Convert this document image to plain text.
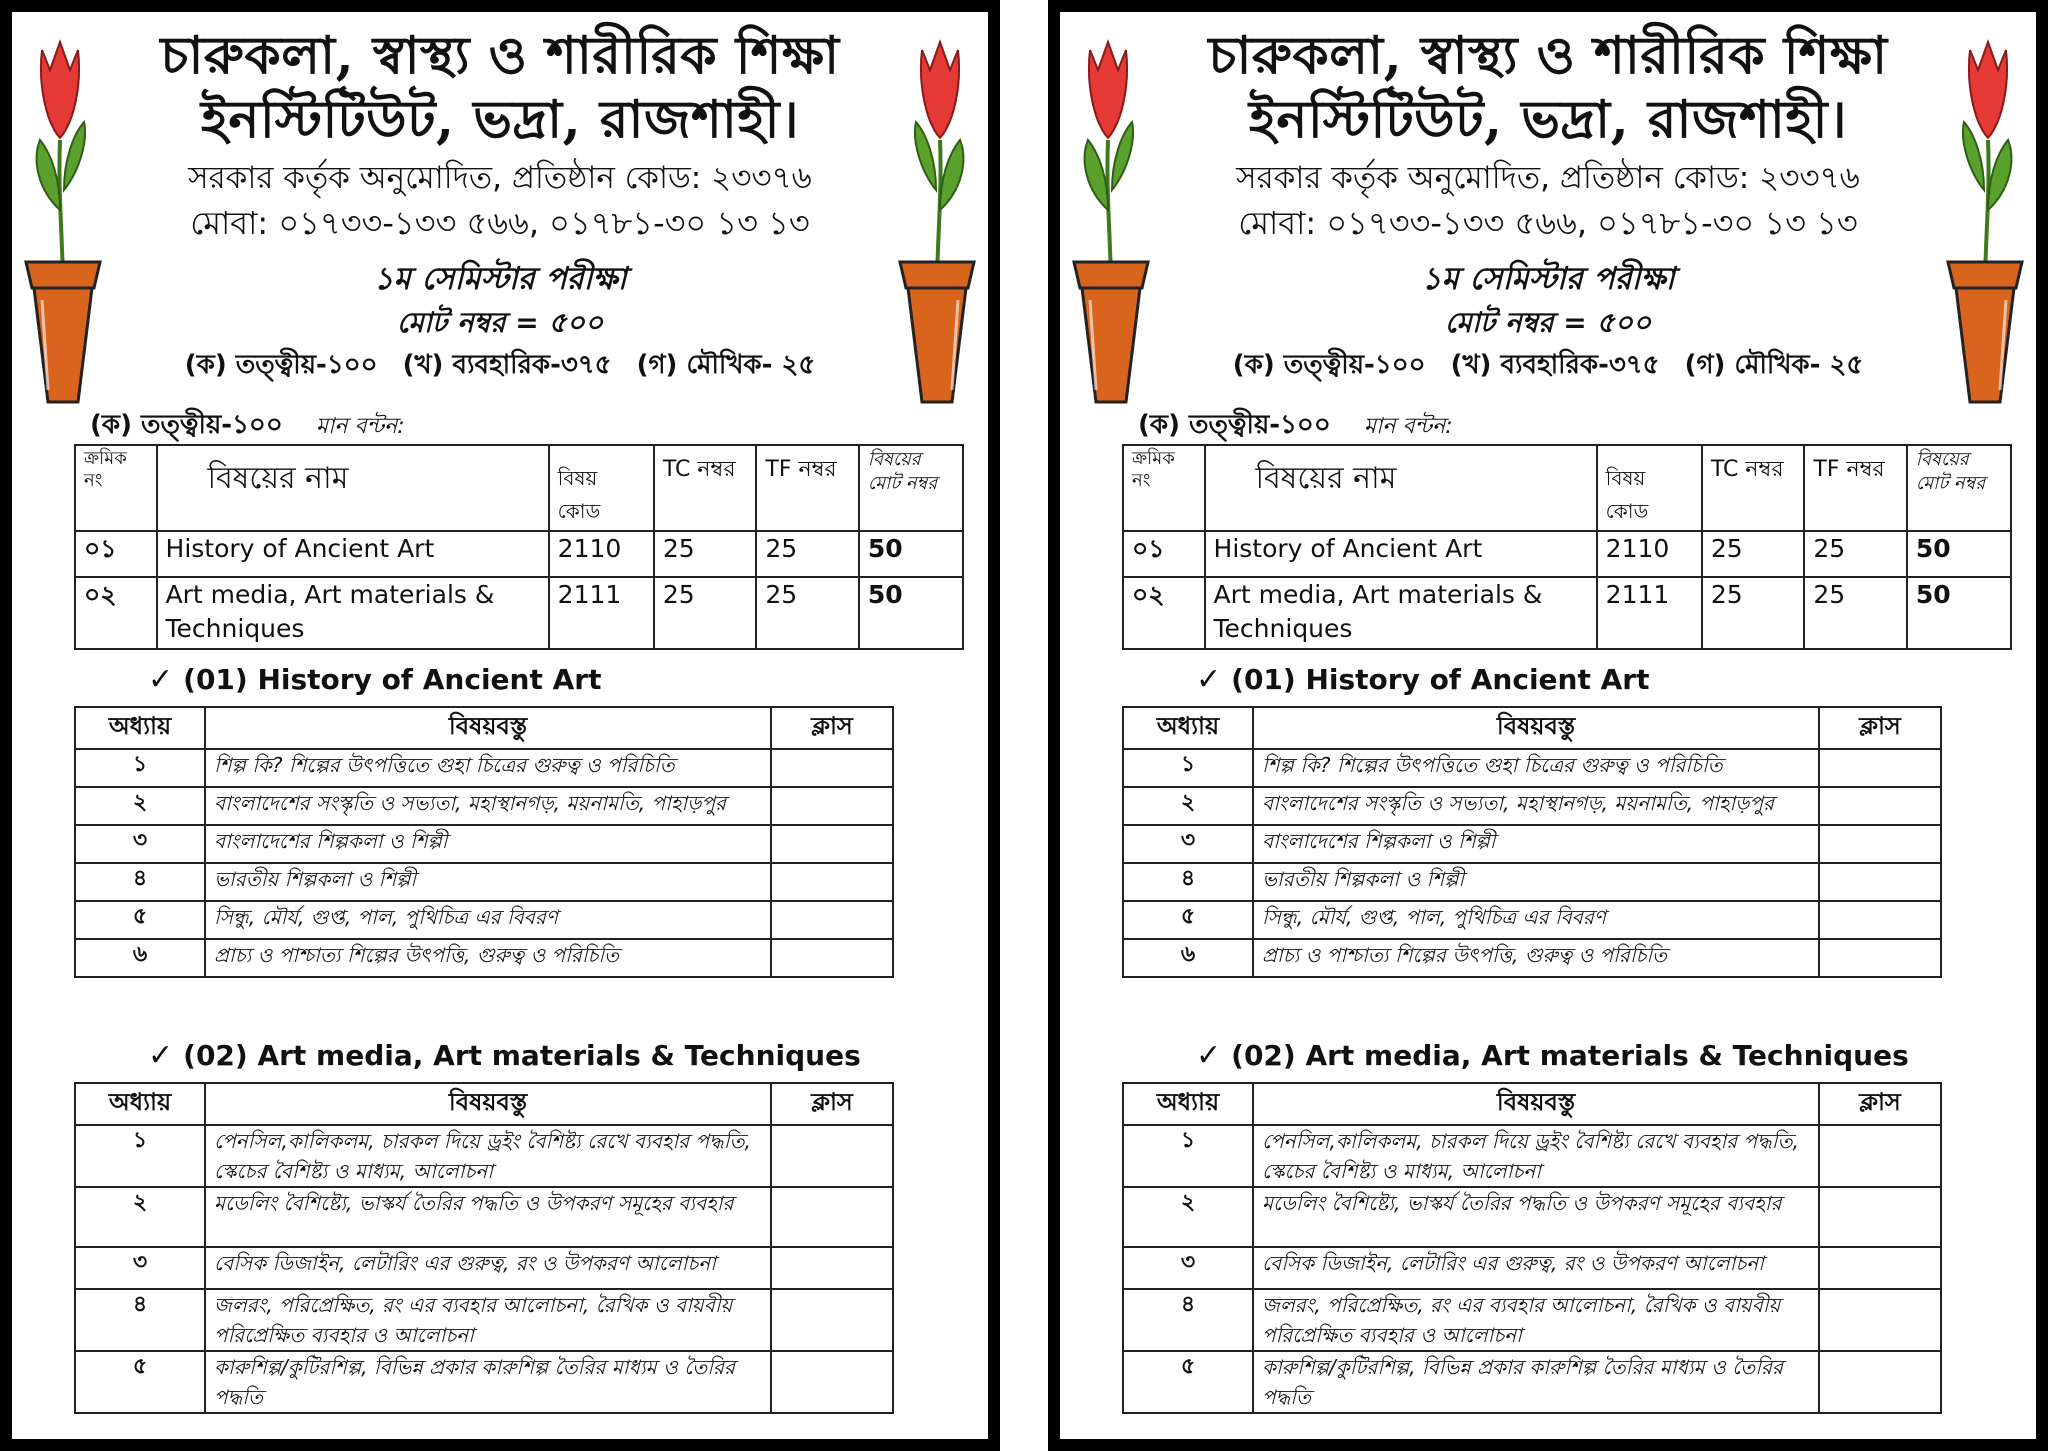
চারুকলা, স্বাস্থ্য ও শারীরিক শিক্ষা
ইনস্টিটিউট, ভদ্রা, রাজশাহী।
সরকার কর্তৃক অনুমোদিত, প্রতিষ্ঠান কোড: ২৩৩৭৬
মোবা: ০১৭৩৩-১৩৩ ৫৬৬, ০১৭৮১-৩০ ১৩ ১৩
১ম সেমিস্টার পরীক্ষা
মোট নম্বর = ৫০০
(ক) তত্ত্বীয়-১০০ (খ) ব্যবহারিক-৩৭৫ (গ) মৌখিক- ২৫
(ক) তত্ত্বীয়-১০০ মান বন্টন:
ক্রমিক নং	বিষয়ের নাম	বিষয় কোড	TC নম্বর	TF নম্বর	বিষয়ের মোট নম্বর
০১	History of Ancient Art	2110	25	25	50
০২	Art media, Art materials & Techniques	2111	25	25	50
✓ (01) History of Ancient Art
অধ্যায়	বিষয়বস্তু	ক্লাস
১	শিল্প কি? শিল্পের উৎপত্তিতে গুহা চিত্রের গুরুত্ব ও পরিচিতি	
২	বাংলাদেশের সংস্কৃতি ও সভ্যতা, মহাস্থানগড়, ময়নামতি, পাহাড়পুর	
৩	বাংলাদেশের শিল্পকলা ও শিল্পী	
৪	ভারতীয় শিল্পকলা ও শিল্পী	
৫	সিন্ধু, মৌর্য, গুপ্ত, পাল, পুথিচিত্র এর বিবরণ	
৬	প্রাচ্য ও পাশ্চাত্য শিল্পের উৎপত্তি, গুরুত্ব ও পরিচিতি	
✓ (02) Art media, Art materials & Techniques
অধ্যায়	বিষয়বস্তু	ক্লাস
১	পেনসিল,কালিকলম, চারকল দিয়ে ড্রইং বৈশিষ্ট্য রেখে ব্যবহার পদ্ধতি, স্কেচের বৈশিষ্ট্য ও মাধ্যম, আলোচনা	
২	মডেলিং বৈশিষ্ট্যে, ভাস্কর্য তৈরির পদ্ধতি ও উপকরণ সমূহের ব্যবহার	
৩	বেসিক ডিজাইন, লেটারিং এর গুরুত্ব, রং ও উপকরণ আলোচনা	
৪	জলরং, পরিপ্রেক্ষিত, রং এর ব্যবহার আলোচনা, রৈখিক ও বায়বীয় পরিপ্রেক্ষিত ব্যবহার ও আলোচনা	
৫	কারুশিল্প/কুটিরশিল্প, বিভিন্ন প্রকার কারুশিল্প তৈরির মাধ্যম ও তৈরির পদ্ধতি	
চারুকলা, স্বাস্থ্য ও শারীরিক শিক্ষা
ইনস্টিটিউট, ভদ্রা, রাজশাহী।
সরকার কর্তৃক অনুমোদিত, প্রতিষ্ঠান কোড: ২৩৩৭৬
মোবা: ০১৭৩৩-১৩৩ ৫৬৬, ০১৭৮১-৩০ ১৩ ১৩
১ম সেমিস্টার পরীক্ষা
মোট নম্বর = ৫০০
(ক) তত্ত্বীয়-১০০ (খ) ব্যবহারিক-৩৭৫ (গ) মৌখিক- ২৫
(ক) তত্ত্বীয়-১০০ মান বন্টন:
ক্রমিক নং	বিষয়ের নাম	বিষয় কোড	TC নম্বর	TF নম্বর	বিষয়ের মোট নম্বর
০১	History of Ancient Art	2110	25	25	50
০২	Art media, Art materials & Techniques	2111	25	25	50
✓ (01) History of Ancient Art
অধ্যায়	বিষয়বস্তু	ক্লাস
১	শিল্প কি? শিল্পের উৎপত্তিতে গুহা চিত্রের গুরুত্ব ও পরিচিতি	
২	বাংলাদেশের সংস্কৃতি ও সভ্যতা, মহাস্থানগড়, ময়নামতি, পাহাড়পুর	
৩	বাংলাদেশের শিল্পকলা ও শিল্পী	
৪	ভারতীয় শিল্পকলা ও শিল্পী	
৫	সিন্ধু, মৌর্য, গুপ্ত, পাল, পুথিচিত্র এর বিবরণ	
৬	প্রাচ্য ও পাশ্চাত্য শিল্পের উৎপত্তি, গুরুত্ব ও পরিচিতি	
✓ (02) Art media, Art materials & Techniques
অধ্যায়	বিষয়বস্তু	ক্লাস
১	পেনসিল,কালিকলম, চারকল দিয়ে ড্রইং বৈশিষ্ট্য রেখে ব্যবহার পদ্ধতি, স্কেচের বৈশিষ্ট্য ও মাধ্যম, আলোচনা	
২	মডেলিং বৈশিষ্ট্যে, ভাস্কর্য তৈরির পদ্ধতি ও উপকরণ সমূহের ব্যবহার	
৩	বেসিক ডিজাইন, লেটারিং এর গুরুত্ব, রং ও উপকরণ আলোচনা	
৪	জলরং, পরিপ্রেক্ষিত, রং এর ব্যবহার আলোচনা, রৈখিক ও বায়বীয় পরিপ্রেক্ষিত ব্যবহার ও আলোচনা	
৫	কারুশিল্প/কুটিরশিল্প, বিভিন্ন প্রকার কারুশিল্প তৈরির মাধ্যম ও তৈরির পদ্ধতি	
